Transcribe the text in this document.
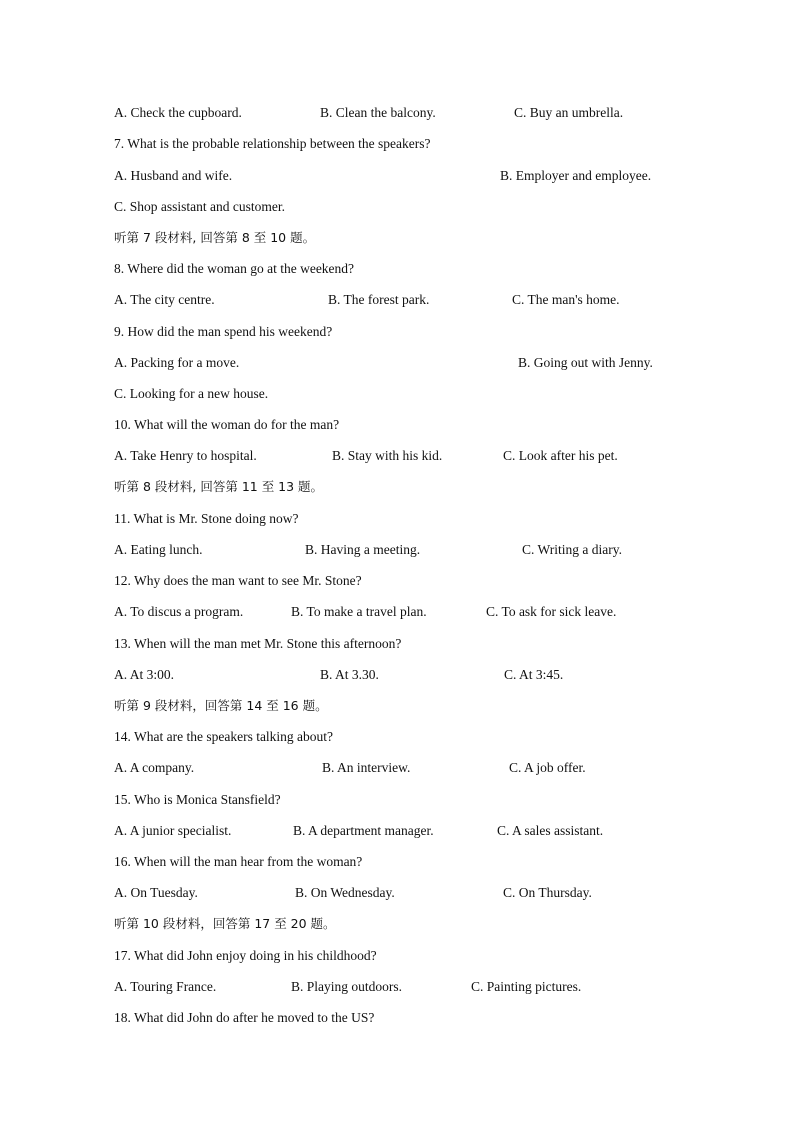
A. Check the cupboard.	B. Clean the balcony.	C. Buy an umbrella.
7. What is the probable relationship between the speakers?
A. Husband and wife.	B. Employer and employee.
C. Shop assistant and customer.
听第 7 段材料, 回答第 8 至 10 题。
8. Where did the woman go at the weekend?
A. The city centre.	B. The forest park.	C. The man's home.
9. How did the man spend his weekend?
A. Packing for a move.	B. Going out with Jenny.
C. Looking for a new house.
10. What will the woman do for the man?
A. Take Henry to hospital.	B. Stay with his kid.	C. Look after his pet.
听第 8 段材料, 回答第 11 至 13 题。
11. What is Mr. Stone doing now?
A. Eating lunch.	B. Having a meeting.	C. Writing a diary.
12. Why does the man want to see Mr. Stone?
A. To discus a program.	B. To make a travel plan.	C. To ask for sick leave.
13. When will the man met Mr. Stone this afternoon?
A. At 3:00.	B. At 3.30.	C. At 3:45.
听第 9 段材料，回答第 14 至 16 题。
14. What are the speakers talking about?
A. A company.	B. An interview.	C. A job offer.
15. Who is Monica Stansfield?
A. A junior specialist.	B. A department manager.	C. A sales assistant.
16. When will the man hear from the woman?
A. On Tuesday.	B. On Wednesday.	C. On Thursday.
听第 10 段材料，回答第 17 至 20 题。
17. What did John enjoy doing in his childhood?
A. Touring France.	B. Playing outdoors.	C. Painting pictures.
18. What did John do after he moved to the US?
